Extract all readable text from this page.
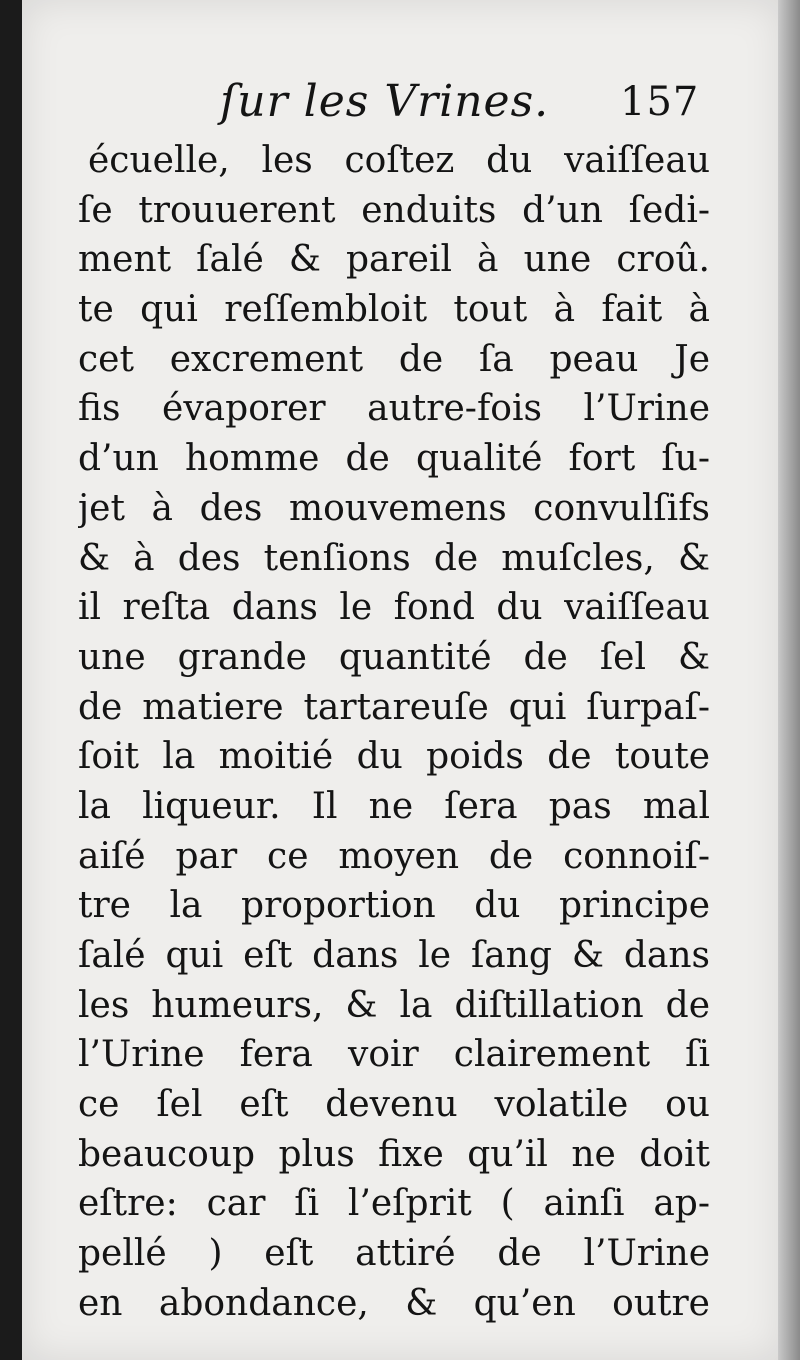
ſur les Vrines. 157
écuelle, les coſtez du vaiſſeau
ſe trouuerent enduits d’un ſedi-
ment ſalé & pareil à une croû.
te qui reſſembloit tout à fait à
cet excrement de ſa peau Je
fis évaporer autre-fois l’Urine
d’un homme de qualité fort ſu-
jet à des mouvemens convulſifs
& à des tenſions de muſcles, &
il reſta dans le fond du vaiſſeau
une grande quantité de ſel &
de matiere tartareuſe qui ſurpaſ-
ſoit la moitié du poids de toute
la liqueur. Il ne ſera pas mal
aiſé par ce moyen de connoiſ-
tre la proportion du principe
ſalé qui eſt dans le ſang & dans
les humeurs, & la diſtillation de
l’Urine fera voir clairement ſi
ce ſel eſt devenu volatile ou
beaucoup plus fixe qu’il ne doit
eſtre: car ſi l’eſprit ( ainſi ap-
pellé ) eſt attiré de l’Urine
en abondance, & qu’en outre
